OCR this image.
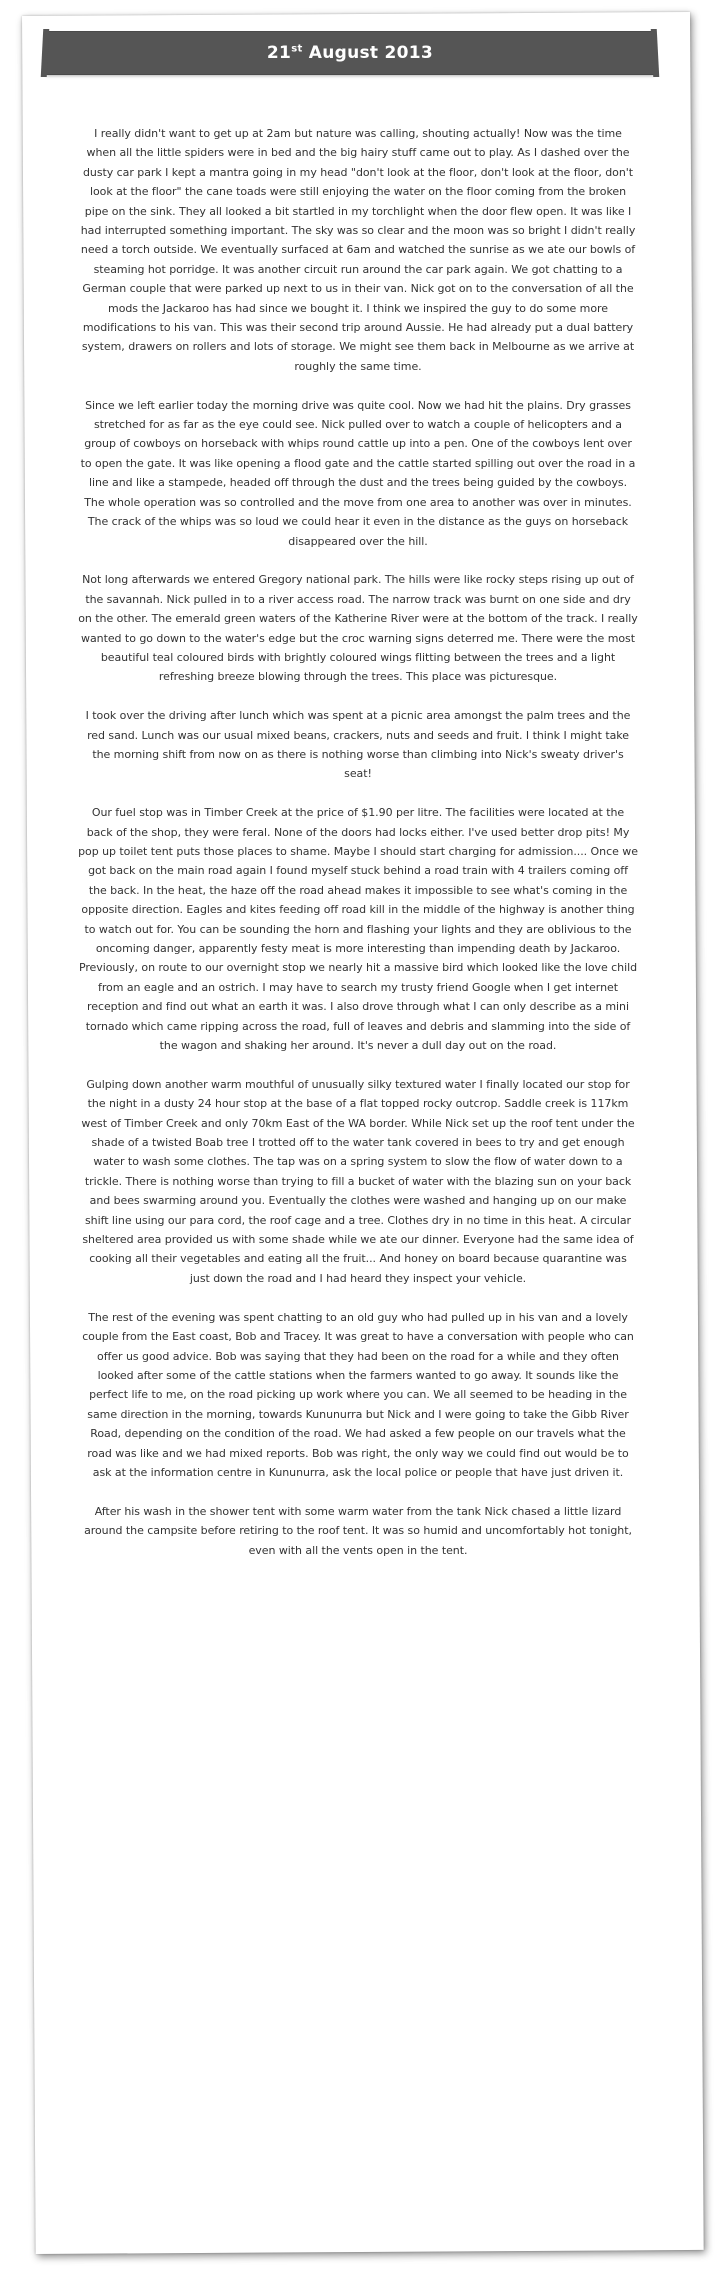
21st August 2013

I really didn't want to get up at 2am but nature was calling, shouting actually! Now was the time when all the little spiders were in bed and the big hairy stuff came out to play. As I dashed over the dusty car park I kept a mantra going in my head "don't look at the floor, don't look at the floor, don't look at the floor" the cane toads were still enjoying the water on the floor coming from the broken pipe on the sink. They all looked a bit startled in my torchlight when the door flew open. It was like I had interrupted something important. The sky was so clear and the moon was so bright I didn't really need a torch outside. We eventually surfaced at 6am and watched the sunrise as we ate our bowls of steaming hot porridge. It was another circuit run around the car park again. We got chatting to a German couple that were parked up next to us in their van. Nick got on to the conversation of all the mods the Jackaroo has had since we bought it. I think we inspired the guy to do some more modifications to his van. This was their second trip around Aussie. He had already put a dual battery system, drawers on rollers and lots of storage. We might see them back in Melbourne as we arrive at roughly the same time.

Since we left earlier today the morning drive was quite cool. Now we had hit the plains. Dry grasses stretched for as far as the eye could see. Nick pulled over to watch a couple of helicopters and a group of cowboys on horseback with whips round cattle up into a pen. One of the cowboys lent over to open the gate. It was like opening a flood gate and the cattle started spilling out over the road in a line and like a stampede, headed off through the dust and the trees being guided by the cowboys. The whole operation was so controlled and the move from one area to another was over in minutes. The crack of the whips was so loud we could hear it even in the distance as the guys on horseback disappeared over the hill.

Not long afterwards we entered Gregory national park. The hills were like rocky steps rising up out of the savannah. Nick pulled in to a river access road. The narrow track was burnt on one side and dry on the other. The emerald green waters of the Katherine River were at the bottom of the track. I really wanted to go down to the water's edge but the croc warning signs deterred me. There were the most beautiful teal coloured birds with brightly coloured wings flitting between the trees and a light refreshing breeze blowing through the trees. This place was picturesque.

I took over the driving after lunch which was spent at a picnic area amongst the palm trees and the red sand. Lunch was our usual mixed beans, crackers, nuts and seeds and fruit. I think I might take the morning shift from now on as there is nothing worse than climbing into Nick's sweaty driver's seat!

Our fuel stop was in Timber Creek at the price of $1.90 per litre. The facilities were located at the back of the shop, they were feral. None of the doors had locks either. I've used better drop pits! My pop up toilet tent puts those places to shame. Maybe I should start charging for admission.... Once we got back on the main road again I found myself stuck behind a road train with 4 trailers coming off the back. In the heat, the haze off the road ahead makes it impossible to see what's coming in the opposite direction. Eagles and kites feeding off road kill in the middle of the highway is another thing to watch out for. You can be sounding the horn and flashing your lights and they are oblivious to the oncoming danger, apparently festy meat is more interesting than impending death by Jackaroo. Previously, on route to our overnight stop we nearly hit a massive bird which looked like the love child from an eagle and an ostrich. I may have to search my trusty friend Google when I get internet reception and find out what an earth it was. I also drove through what I can only describe as a mini tornado which came ripping across the road, full of leaves and debris and slamming into the side of the wagon and shaking her around. It's never a dull day out on the road.

Gulping down another warm mouthful of unusually silky textured water I finally located our stop for the night in a dusty 24 hour stop at the base of a flat topped rocky outcrop. Saddle creek is 117km west of Timber Creek and only 70km East of the WA border. While Nick set up the roof tent under the shade of a twisted Boab tree I trotted off to the water tank covered in bees to try and get enough water to wash some clothes. The tap was on a spring system to slow the flow of water down to a trickle. There is nothing worse than trying to fill a bucket of water with the blazing sun on your back and bees swarming around you. Eventually the clothes were washed and hanging up on our make shift line using our para cord, the roof cage and a tree. Clothes dry in no time in this heat. A circular sheltered area provided us with some shade while we ate our dinner. Everyone had the same idea of cooking all their vegetables and eating all the fruit... And honey on board because quarantine was just down the road and I had heard they inspect your vehicle.

The rest of the evening was spent chatting to an old guy who had pulled up in his van and a lovely couple from the East coast, Bob and Tracey. It was great to have a conversation with people who can offer us good advice. Bob was saying that they had been on the road for a while and they often looked after some of the cattle stations when the farmers wanted to go away. It sounds like the perfect life to me, on the road picking up work where you can. We all seemed to be heading in the same direction in the morning, towards Kununurra but Nick and I were going to take the Gibb River Road, depending on the condition of the road. We had asked a few people on our travels what the road was like and we had mixed reports. Bob was right, the only way we could find out would be to ask at the information centre in Kununurra, ask the local police or people that have just driven it.

After his wash in the shower tent with some warm water from the tank Nick chased a little lizard around the campsite before retiring to the roof tent. It was so humid and uncomfortably hot tonight, even with all the vents open in the tent.
